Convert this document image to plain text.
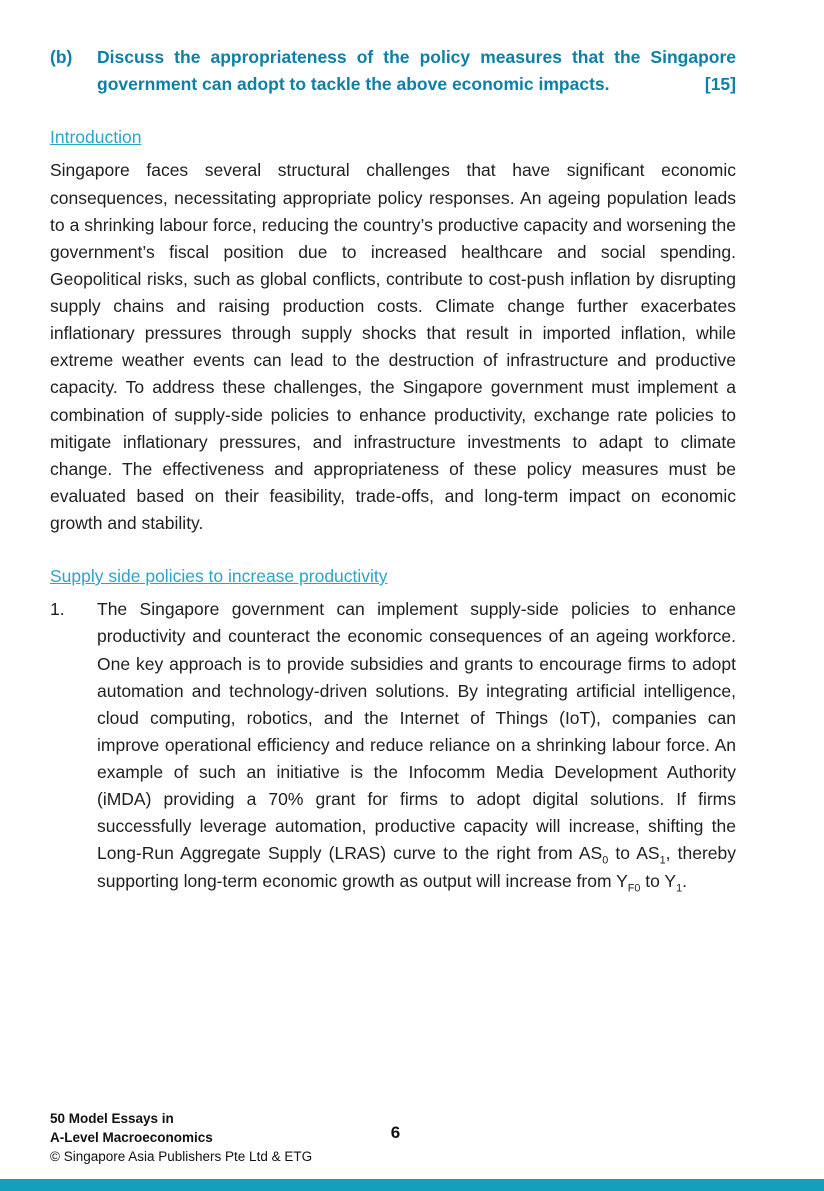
(b)	Discuss the appropriateness of the policy measures that the Singapore government can adopt to tackle the above economic impacts.	[15]
Introduction
Singapore faces several structural challenges that have significant economic consequences, necessitating appropriate policy responses. An ageing population leads to a shrinking labour force, reducing the country’s productive capacity and worsening the government’s fiscal position due to increased healthcare and social spending. Geopolitical risks, such as global conflicts, contribute to cost-push inflation by disrupting supply chains and raising production costs. Climate change further exacerbates inflationary pressures through supply shocks that result in imported inflation, while extreme weather events can lead to the destruction of infrastructure and productive capacity. To address these challenges, the Singapore government must implement a combination of supply-side policies to enhance productivity, exchange rate policies to mitigate inflationary pressures, and infrastructure investments to adapt to climate change. The effectiveness and appropriateness of these policy measures must be evaluated based on their feasibility, trade-offs, and long-term impact on economic growth and stability.
Supply side policies to increase productivity
1.	The Singapore government can implement supply-side policies to enhance productivity and counteract the economic consequences of an ageing workforce. One key approach is to provide subsidies and grants to encourage firms to adopt automation and technology-driven solutions. By integrating artificial intelligence, cloud computing, robotics, and the Internet of Things (IoT), companies can improve operational efficiency and reduce reliance on a shrinking labour force. An example of such an initiative is the Infocomm Media Development Authority (iMDA) providing a 70% grant for firms to adopt digital solutions. If firms successfully leverage automation, productive capacity will increase, shifting the Long-Run Aggregate Supply (LRAS) curve to the right from $AS_0$ to $AS_1$, thereby supporting long-term economic growth as output will increase from $Y_{F0}$ to $Y_1$.
50 Model Essays in
A-Level Macroeconomics
© Singapore Asia Publishers Pte Ltd & ETG
6
